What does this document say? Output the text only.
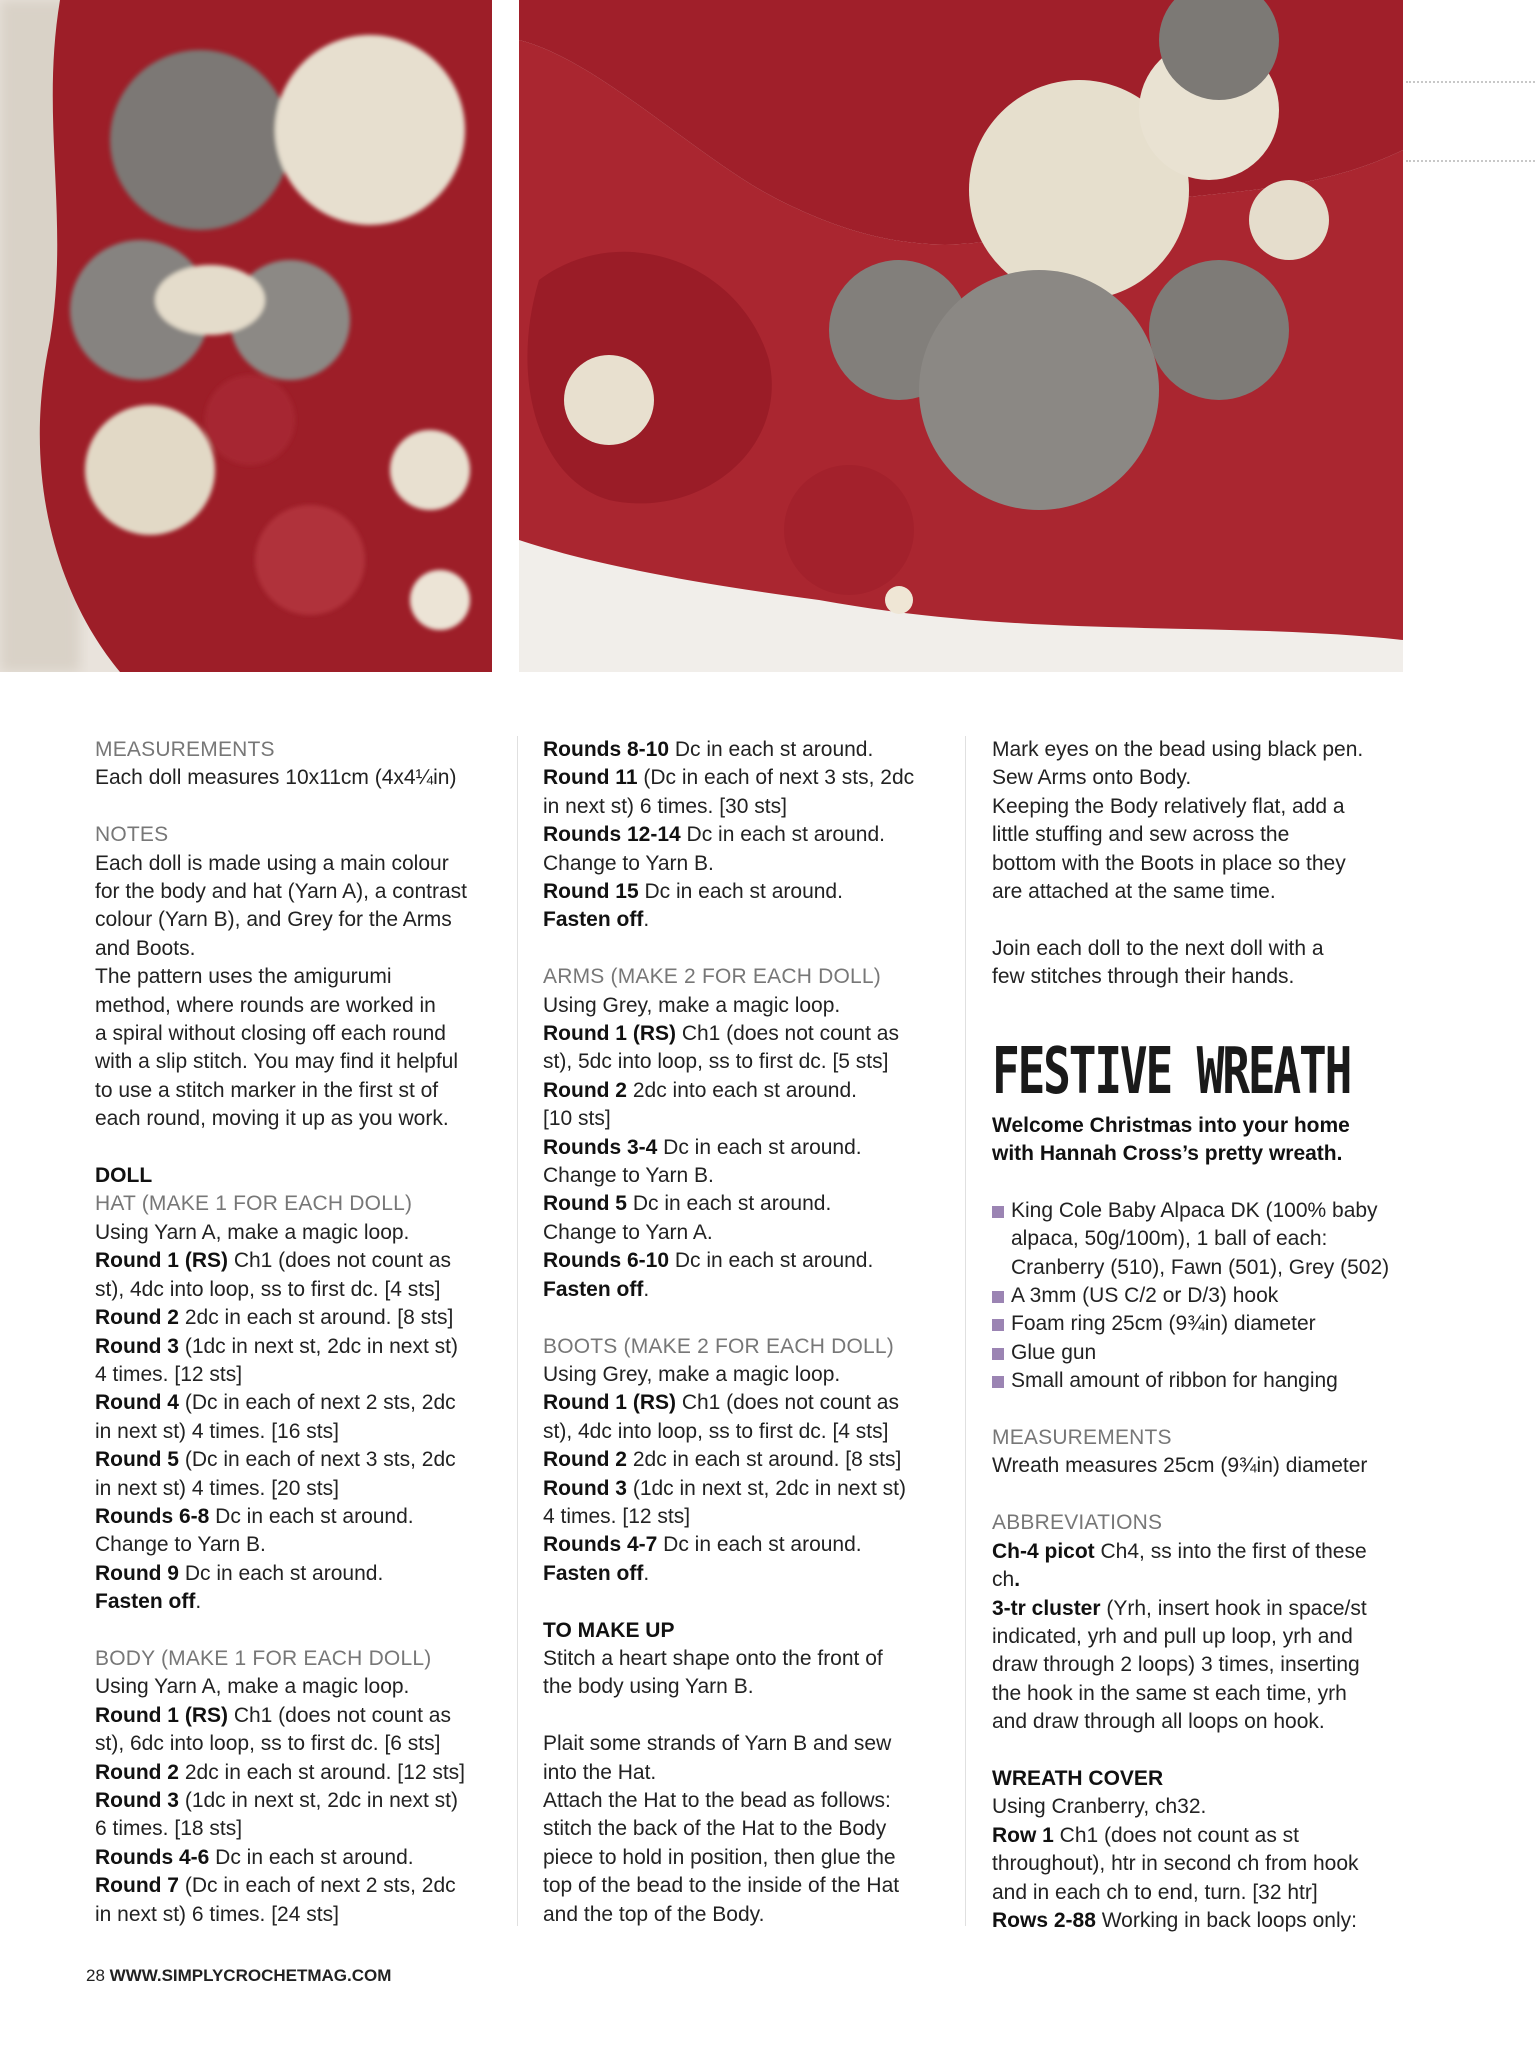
MEASUREMENTS

Each doll measures 10x11cm (4x4¼in)

NOTES

Each doll is made using a main colour

for the body and hat (Yarn A), a contrast

colour (Yarn B), and Grey for the Arms

and Boots.

The pattern uses the amigurumi

method, where rounds are worked in

a spiral without closing off each round

with a slip stitch. You may find it helpful

to use a stitch marker in the first st of

each round, moving it up as you work.

DOLL

HAT (MAKE 1 FOR EACH DOLL)

Using Yarn A, make a magic loop.

Round 1 (RS) Ch1 (does not count as

st), 4dc into loop, ss to first dc. [4 sts]

Round 2 2dc in each st around. [8 sts]

Round 3 (1dc in next st, 2dc in next st)

4 times. [12 sts]

Round 4 (Dc in each of next 2 sts, 2dc

in next st) 4 times. [16 sts]

Round 5 (Dc in each of next 3 sts, 2dc

in next st) 4 times. [20 sts]

Rounds 6-8 Dc in each st around.

Change to Yarn B.

Round 9 Dc in each st around.

Fasten off.

BODY (MAKE 1 FOR EACH DOLL)

Using Yarn A, make a magic loop.

Round 1 (RS) Ch1 (does not count as

st), 6dc into loop, ss to first dc. [6 sts]

Round 2 2dc in each st around. [12 sts]

Round 3 (1dc in next st, 2dc in next st)

6 times. [18 sts]

Rounds 4-6 Dc in each st around.

Round 7 (Dc in each of next 2 sts, 2dc

in next st) 6 times. [24 sts]

Rounds 8-10 Dc in each st around.

Round 11 (Dc in each of next 3 sts, 2dc

in next st) 6 times. [30 sts]

Rounds 12-14 Dc in each st around.

Change to Yarn B.

Round 15 Dc in each st around.

Fasten off.

ARMS (MAKE 2 FOR EACH DOLL)

Using Grey, make a magic loop.

Round 1 (RS) Ch1 (does not count as

st), 5dc into loop, ss to first dc. [5 sts]

Round 2 2dc into each st around.

[10 sts]

Rounds 3-4 Dc in each st around.

Change to Yarn B.

Round 5 Dc in each st around.

Change to Yarn A.

Rounds 6-10 Dc in each st around.

Fasten off.

BOOTS (MAKE 2 FOR EACH DOLL)

Using Grey, make a magic loop.

Round 1 (RS) Ch1 (does not count as

st), 4dc into loop, ss to first dc. [4 sts]

Round 2 2dc in each st around. [8 sts]

Round 3 (1dc in next st, 2dc in next st)

4 times. [12 sts]

Rounds 4-7 Dc in each st around.

Fasten off.

TO MAKE UP

Stitch a heart shape onto the front of

the body using Yarn B.

Plait some strands of Yarn B and sew

into the Hat.

Attach the Hat to the bead as follows:

stitch the back of the Hat to the Body

piece to hold in position, then glue the

top of the bead to the inside of the Hat

and the top of the Body.

Mark eyes on the bead using black pen.

Sew Arms onto Body.

Keeping the Body relatively flat, add a

little stuffing and sew across the

bottom with the Boots in place so they

are attached at the same time.

Join each doll to the next doll with a

few stitches through their hands.

FESTIVE WREATH

Welcome Christmas into your home

with Hannah Cross’s pretty wreath.

King Cole Baby Alpaca DK (100% baby
alpaca, 50g/100m), 1 ball of each:
Cranberry (510), Fawn (501), Grey (502)
A 3mm (US C/2 or D/3) hook
Foam ring 25cm (9¾in) diameter
Glue gun
Small amount of ribbon for hanging

MEASUREMENTS

Wreath measures 25cm (9¾in) diameter

ABBREVIATIONS

Ch-4 picot Ch4, ss into the first of these

ch.

3-tr cluster (Yrh, insert hook in space/st

indicated, yrh and pull up loop, yrh and

draw through 2 loops) 3 times, inserting

the hook in the same st each time, yrh

and draw through all loops on hook.

WREATH COVER

Using Cranberry, ch32.

Row 1 Ch1 (does not count as st

throughout), htr in second ch from hook

and in each ch to end, turn. [32 htr]

Rows 2-88 Working in back loops only:

28 WWW.SIMPLYCROCHETMAG.COM
